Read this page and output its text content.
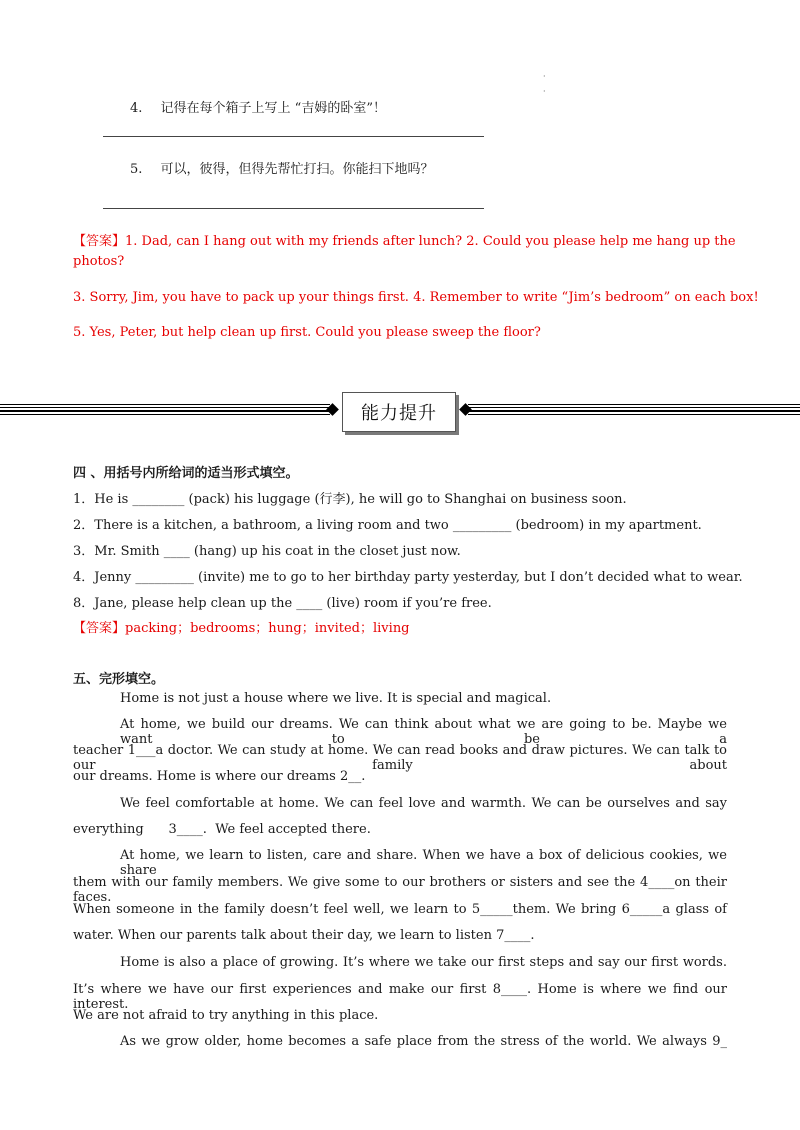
·
·
4. 记得在每个箱子上写上 “吉姆的卧室”！
5. 可以，彼得，但得先帮忙打扫。你能扫下地吗？
【答案】1. Dad, can I hang out with my friends after lunch? 2. Could you please help me hang up the
photos?
3. Sorry, Jim, you have to pack up your things first. 4. Remember to write “Jim’s bedroom” on each box!
5. Yes, Peter, but help clean up first. Could you please sweep the floor?
能力提升
四 、用括号内所给词的适当形式填空。
1．He is ________ (pack) his luggage (行李), he will go to Shanghai on business soon.
2．There is a kitchen, a bathroom, a living room and two _________ (bedroom) in my apartment.
3．Mr. Smith ____ (hang) up his coat in the closet just now.
4．Jenny _________ (invite) me to go to her birthday party yesterday, but I don’t decided what to wear.
8．Jane, please help clean up the ____ (live) room if you’re free.
【答案】packing；bedrooms；hung；invited；living
五、完形填空。
Home is not just a house where we live. It is special and magical.
At home, we build our dreams. We can think about what we are going to be. Maybe we want to be a
teacher 1___a doctor. We can study at home. We can read books and draw pictures. We can talk to our family about
our dreams. Home is where our dreams 2__.
We feel comfortable at home. We can feel love and warmth. We can be ourselves and say
everything      3____.  We feel accepted there.
At home, we learn to listen, care and share. When we have a box of delicious cookies, we share
them with our family members. We give some to our brothers or sisters and see the 4____on their faces.
When someone in the family doesn’t feel well, we learn to 5_____them. We bring 6_____a glass of
water. When our parents talk about their day, we learn to listen 7____.
Home is also a place of growing. It’s where we take our first steps and say our first words.
It’s where we have our first experiences and make our first 8____. Home is where we find our interest.
We are not afraid to try anything in this place.
As we grow older, home becomes a safe place from the stress of the world. We always 9_
